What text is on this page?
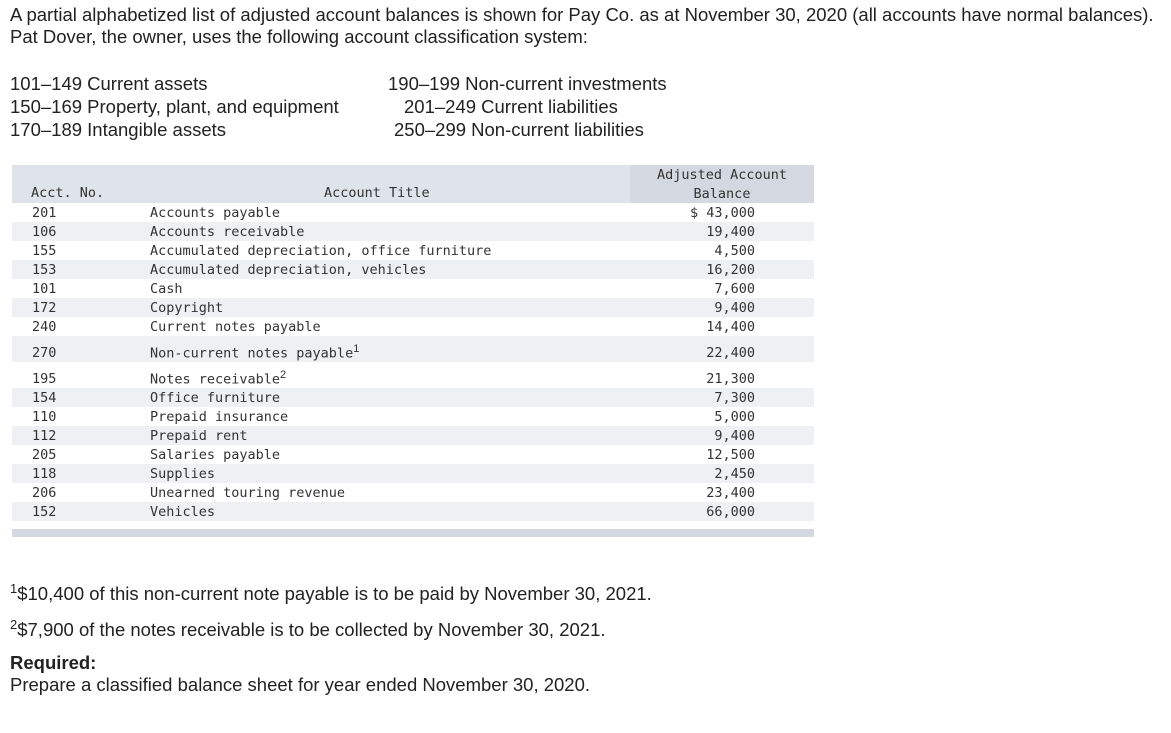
A partial alphabetized list of adjusted account balances is shown for Pay Co. as at November 30, 2020 (all accounts have normal balances). Pat Dover, the owner, uses the following account classification system:
101–149 Current assets
150–169 Property, plant, and equipment
170–189 Intangible assets
190–199 Non-current investments
201–249 Current liabilities
250–299 Non-current liabilities
Acct. No.	Account Title
Adjusted Account
Balance
201	Accounts payable	$ 43,000
106	Accounts receivable	19,400
155	Accumulated depreciation, office furniture	4,500
153	Accumulated depreciation, vehicles	16,200
101	Cash	7,600
172	Copyright	9,400
240	Current notes payable	14,400
270	Non-current notes payable$^1$	22,400
195	Notes receivable$^2$	21,300
154	Office furniture	7,300
110	Prepaid insurance	5,000
112	Prepaid rent	9,400
205	Salaries payable	12,500
118	Supplies	2,450
206	Unearned touring revenue	23,400
152	Vehicles	66,000
$^1$\$10,400 of this non-current note payable is to be paid by November 30, 2021.
$^2$\$7,900 of the notes receivable is to be collected by November 30, 2021.
Required:
Prepare a classified balance sheet for year ended November 30, 2020.
